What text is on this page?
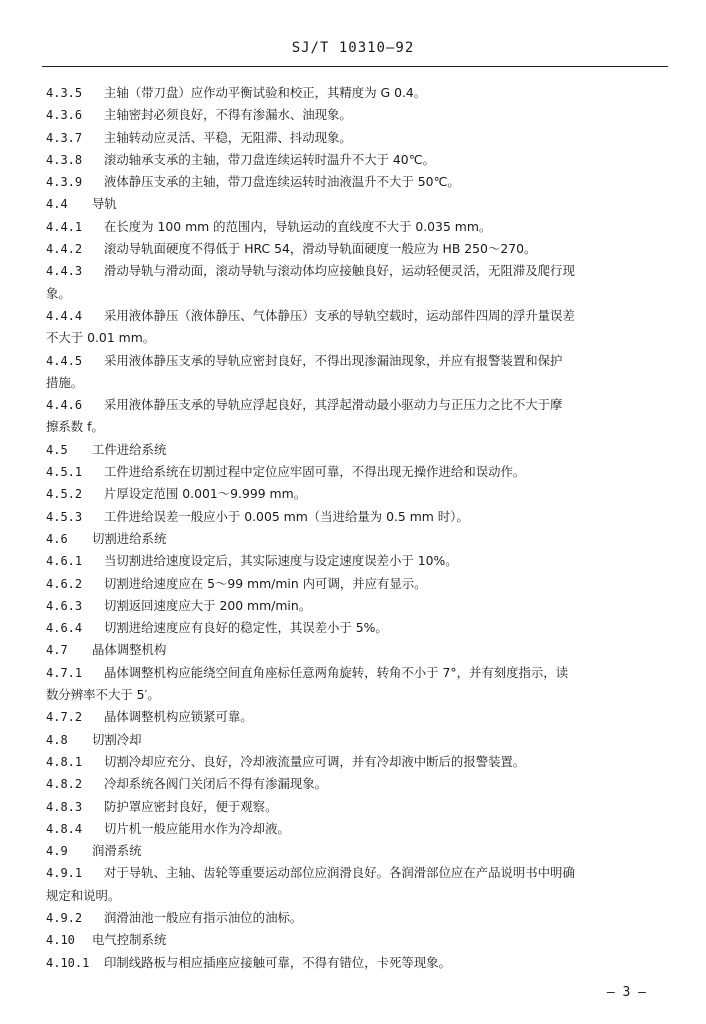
SJ/T 10310—92
4.3.5	主轴（带刀盘）应作动平衡试验和校正，其精度为 G 0.4。
4.3.6	主轴密封必须良好，不得有渗漏水、油现象。
4.3.7	主轴转动应灵活、平稳，无阻滞、抖动现象。
4.3.8	滚动轴承支承的主轴，带刀盘连续运转时温升不大于 40℃。
4.3.9	液体静压支承的主轴，带刀盘连续运转时油液温升不大于 50℃。
4.4	导轨
4.4.1	在长度为 100 mm 的范围内，导轨运动的直线度不大于 0.035 mm。
4.4.2	滚动导轨面硬度不得低于 HRC 54，滑动导轨面硬度一般应为 HB 250～270。
4.4.3	滑动导轨与滑动面，滚动导轨与滚动体均应接触良好，运动轻便灵活，无阻滞及爬行现
象。
4.4.4	采用液体静压（液体静压、气体静压）支承的导轨空载时，运动部件四周的浮升量误差
不大于 0.01 mm。
4.4.5	采用液体静压支承的导轨应密封良好，不得出现渗漏油现象，并应有报警装置和保护
措施。
4.4.6	采用液体静压支承的导轨应浮起良好，其浮起滑动最小驱动力与正压力之比不大于摩
擦系数 f。
4.5	工件进给系统
4.5.1	工件进给系统在切割过程中定位应牢固可靠，不得出现无操作进给和误动作。
4.5.2	片厚设定范围 0.001～9.999 mm。
4.5.3	工件进给误差一般应小于 0.005 mm（当进给量为 0.5 mm 时）。
4.6	切割进给系统
4.6.1	当切割进给速度设定后，其实际速度与设定速度误差小于 10%。
4.6.2	切割进给速度应在 5～99 mm/min 内可调，并应有显示。
4.6.3	切割返回速度应大于 200 mm/min。
4.6.4	切割进给速度应有良好的稳定性，其误差小于 5%。
4.7	晶体调整机构
4.7.1	晶体调整机构应能绕空间直角座标任意两角旋转，转角不小于 7°，并有刻度指示，读
数分辨率不大于 5′。
4.7.2	晶体调整机构应锁紧可靠。
4.8	切割冷却
4.8.1	切割冷却应充分、良好，冷却液流量应可调，并有冷却液中断后的报警装置。
4.8.2	冷却系统各阀门关闭后不得有渗漏现象。
4.8.3	防护罩应密封良好，便于观察。
4.8.4	切片机一般应能用水作为冷却液。
4.9	润滑系统
4.9.1	对于导轨、主轴、齿轮等重要运动部位应润滑良好。各润滑部位应在产品说明书中明确
规定和说明。
4.9.2	润滑油池一般应有指示油位的油标。
4.10	电气控制系统
4.10.1	印制线路板与相应插座应接触可靠，不得有错位，卡死等现象。
— 3 —
